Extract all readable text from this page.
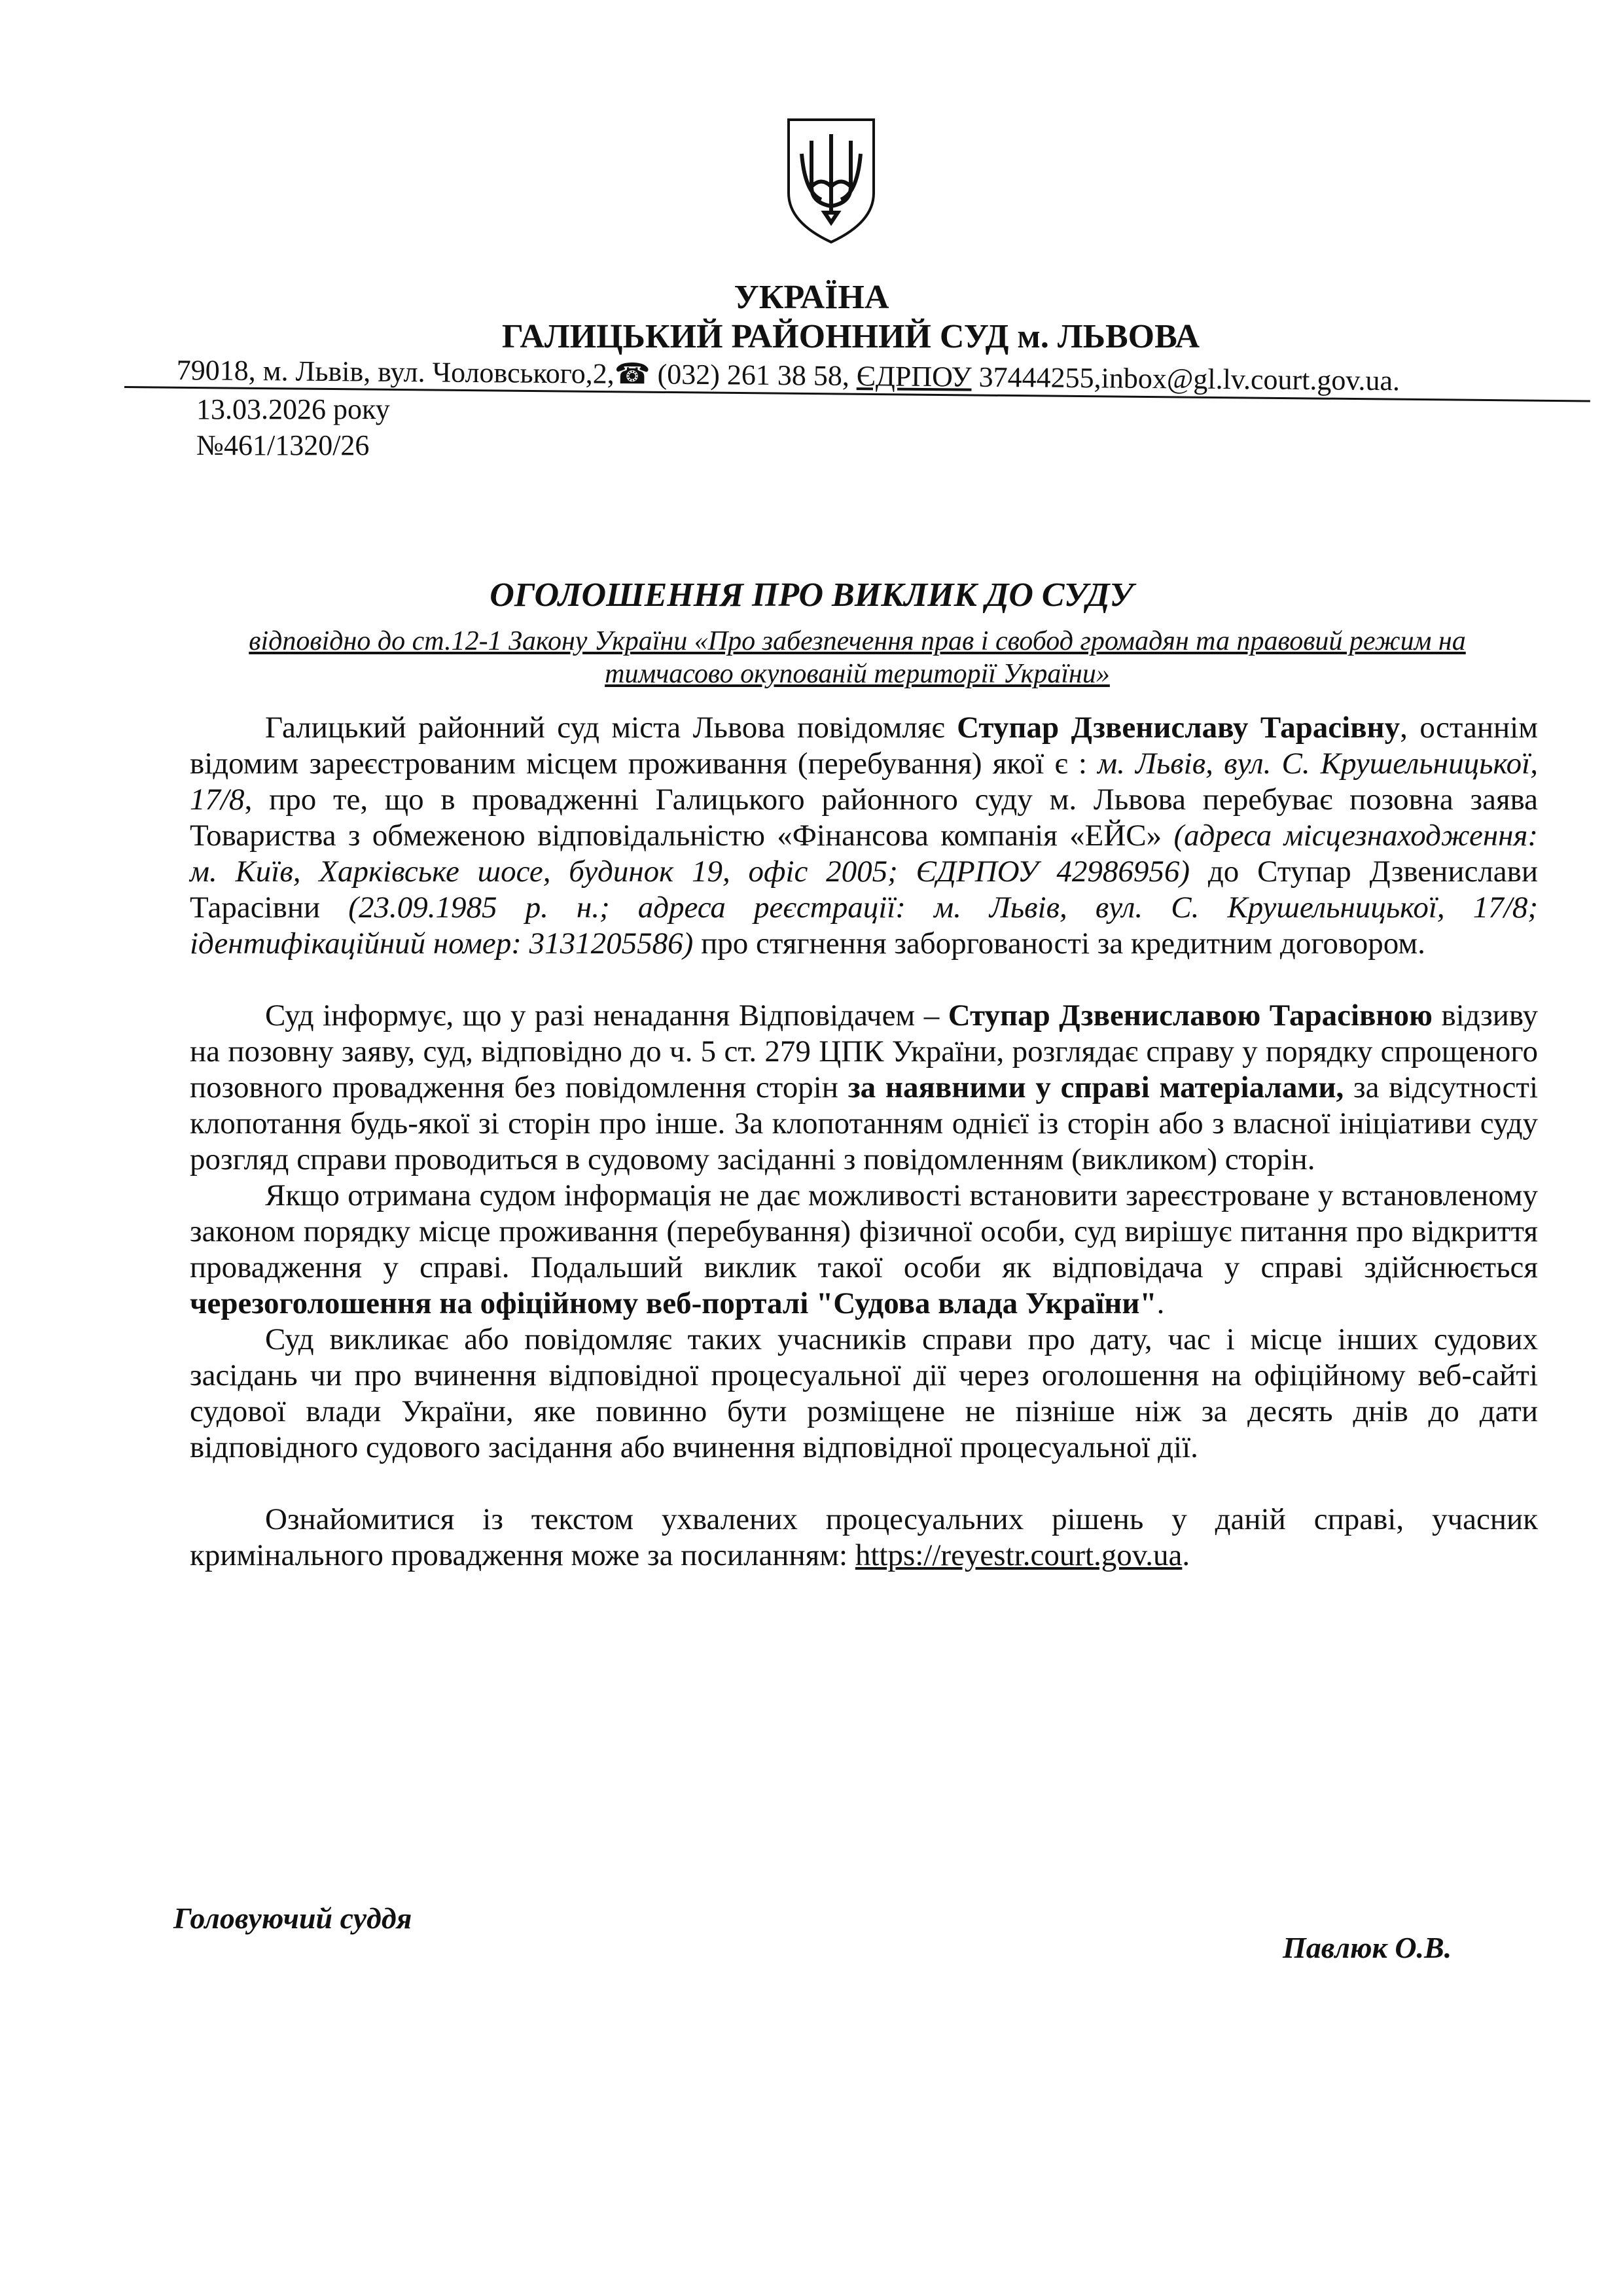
УКРАЇНА
ГАЛИЦЬКИЙ РАЙОННИЙ СУД м. ЛЬВОВА
79018, м. Львів, вул. Чоловського,2,☎ (032) 261 38 58, ЄДРПОУ 37444255,inbox@gl.lv.court.gov.ua.
13.03.2026 року
№461/1320/26
ОГОЛОШЕННЯ ПРО ВИКЛИК ДО СУДУ
відповідно до ст.12-1 Закону України «Про забезпечення прав і свобод громадян та правовий режим на тимчасово окупованій території України»

Галицький районний суд міста Львова повідомляє Ступар Дзвениславу Тарасівну, останнім відомим зареєстрованим місцем проживання (перебування) якої є : м. Львів, вул. С. Крушельницької, 17/8, про те, що в провадженні Галицького районного суду м. Львова перебуває позовна заява Товариства з обмеженою відповідальністю «Фінансова компанія «ЕЙС» (адреса місцезнаходження: м. Київ, Харківське шосе, будинок 19, офіс 2005; ЄДРПОУ 42986956) до Ступар Дзвенислави Тарасівни (23.09.1985 р. н.; адреса реєстрації: м. Львів, вул. С. Крушельницької, 17/8; ідентифікаційний номер: 3131205586) про стягнення заборгованості за кредитним договором.

Суд інформує, що у разі ненадання Відповідачем – Ступар Дзвениславою Тарасівною відзиву на позовну заяву, суд, відповідно до ч. 5 ст. 279 ЦПК України, розглядає справу у порядку спрощеного позовного провадження без повідомлення сторін за наявними у справі матеріалами, за відсутності клопотання будь-якої зі сторін про інше. За клопотанням однієї із сторін або з власної ініціативи суду розгляд справи проводиться в судовому засіданні з повідомленням (викликом) сторін.

Якщо отримана судом інформація не дає можливості встановити зареєстроване у встановленому законом порядку місце проживання (перебування) фізичної особи, суд вирішує питання про відкриття провадження у справі. Подальший виклик такої особи як відповідача у справі здійснюється черезоголошення на офіційному веб-порталі "Судова влада України".

Суд викликає або повідомляє таких учасників справи про дату, час і місце інших судових засідань чи про вчинення відповідної процесуальної дії через оголошення на офіційному веб-сайті судової влади України, яке повинно бути розміщене не пізніше ніж за десять днів до дати відповідного судового засідання або вчинення відповідної процесуальної дії.

Ознайомитися із текстом ухвалених процесуальних рішень у даній справі, учасник кримінального провадження може за посиланням: https://reyestr.court.gov.ua.

Головуючий суддя
Павлюк О.В.
